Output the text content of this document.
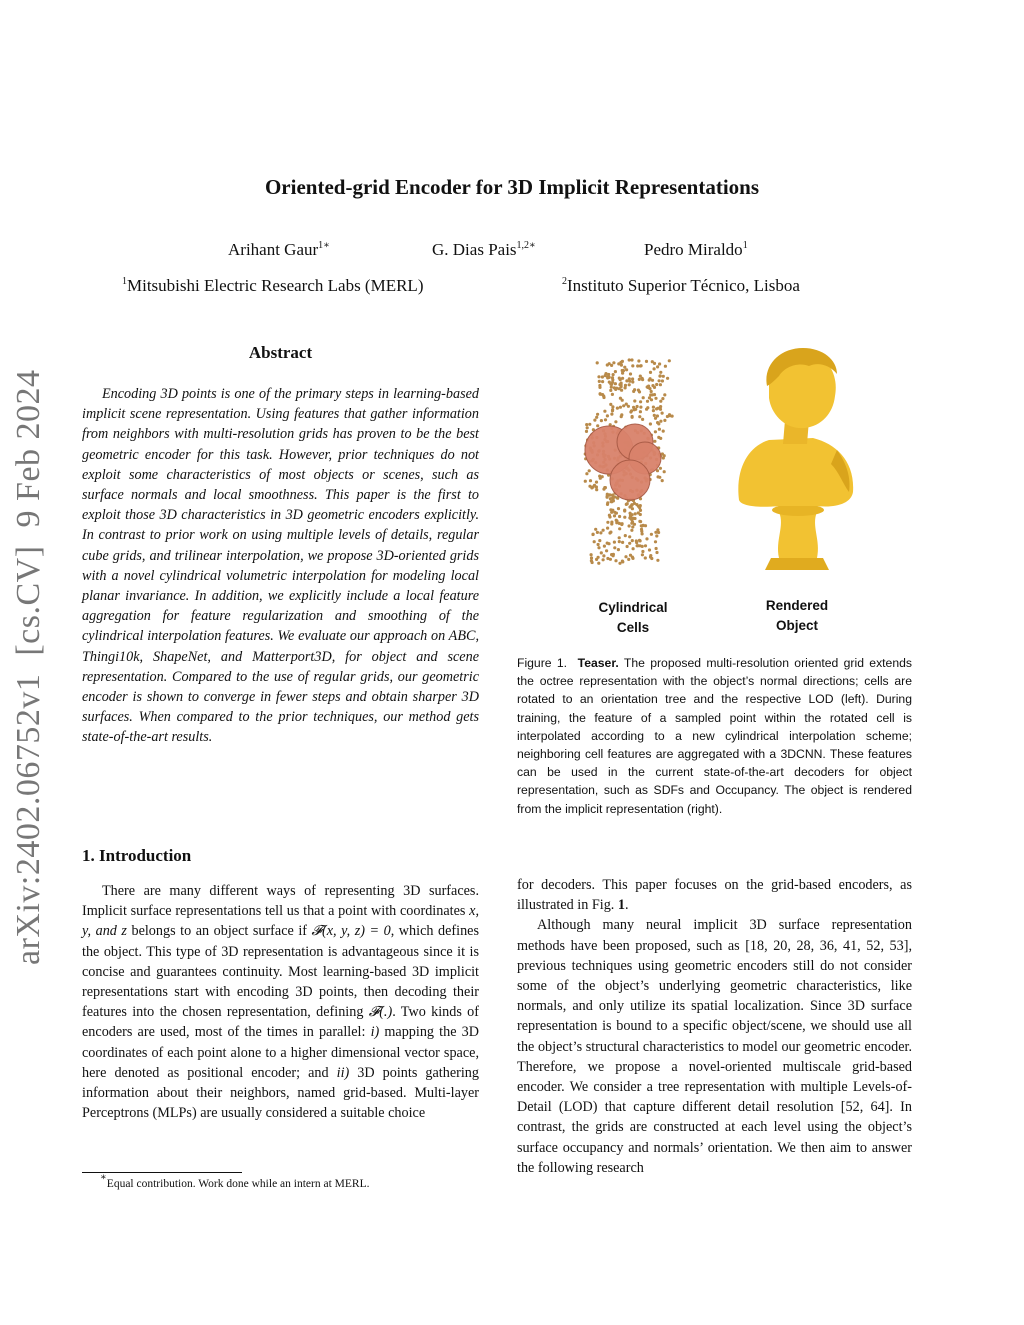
arXiv:2402.06752v1  [cs.CV]  9 Feb 2024
Oriented-grid Encoder for 3D Implicit Representations
Arihant Gaur$^{1∗}$	G. Dias Pais$^{1,2∗}$	Pedro Miraldo$^1$
$^1$Mitsubishi Electric Research Labs (MERL)	$^2$Instituto Superior Técnico, Lisboa
Abstract

Encoding 3D points is one of the primary steps in learning-based implicit scene representation. Using features that gather information from neighbors with multi-resolution grids has proven to be the best geometric encoder for this task. However, prior techniques do not exploit some characteristics of most objects or scenes, such as surface normals and local smoothness. This paper is the first to exploit those 3D characteristics in 3D geometric encoders explicitly. In contrast to prior work on using multiple levels of details, regular cube grids, and trilinear interpolation, we propose 3D-oriented grids with a novel cylindrical volumetric interpolation for modeling local planar invariance. In addition, we explicitly include a local feature aggregation for feature regularization and smoothing of the cylindrical interpolation features. We evaluate our approach on ABC, Thingi10k, ShapeNet, and Matterport3D, for object and scene representation. Compared to the use of regular grids, our geometric encoder is shown to converge in fewer steps and obtain sharper 3D surfaces. When compared to the prior techniques, our method gets state-of-the-art results.

1. Introduction

There are many different ways of representing 3D surfaces. Implicit surface representations tell us that a point with coordinates x, y, and z belongs to an object surface if 𝓕(x, y, z) = 0, which defines the object. This type of 3D representation is advantageous since it is concise and guarantees continuity. Most learning-based 3D implicit representations start with encoding 3D points, then decoding their features into the chosen representation, defining 𝓕(.). Two kinds of encoders are used, most of the times in parallel: i) mapping the 3D coordinates of each point alone to a higher dimensional vector space, here denoted as positional encoder; and ii) 3D points gathering information about their neighbors, named grid-based. Multi-layer Perceptrons (MLPs) are usually considered a suitable choice

∗Equal contribution. Work done while an intern at MERL.
Cylindrical
Cells
Rendered
Object
Figure 1. Teaser. The proposed multi-resolution oriented grid extends the octree representation with the object’s normal directions; cells are rotated to an orientation tree and the respective LOD (left). During training, the feature of a sampled point within the rotated cell is interpolated according to a new cylindrical interpolation scheme; neighboring cell features are aggregated with a 3DCNN. These features can be used in the current state-of-the-art decoders for object representation, such as SDFs and Occupancy. The object is rendered from the implicit representation (right).

for decoders. This paper focuses on the grid-based encoders, as illustrated in Fig. 1.

Although many neural implicit 3D surface representation methods have been proposed, such as [18, 20, 28, 36, 41, 52, 53], previous techniques using geometric encoders still do not consider some of the object’s underlying geometric characteristics, like normals, and only utilize its spatial localization. Since 3D surface representation is bound to a specific object/scene, we should use all the object’s structural characteristics to model our geometric encoder. Therefore, we propose a novel-oriented multiscale grid-based encoder. We consider a tree representation with multiple Levels-of-Detail (LOD) that capture different detail resolution [52, 64]. In contrast, the grids are constructed at each level using the object’s surface occupancy and normals’ orientation. We then aim to answer the following research
